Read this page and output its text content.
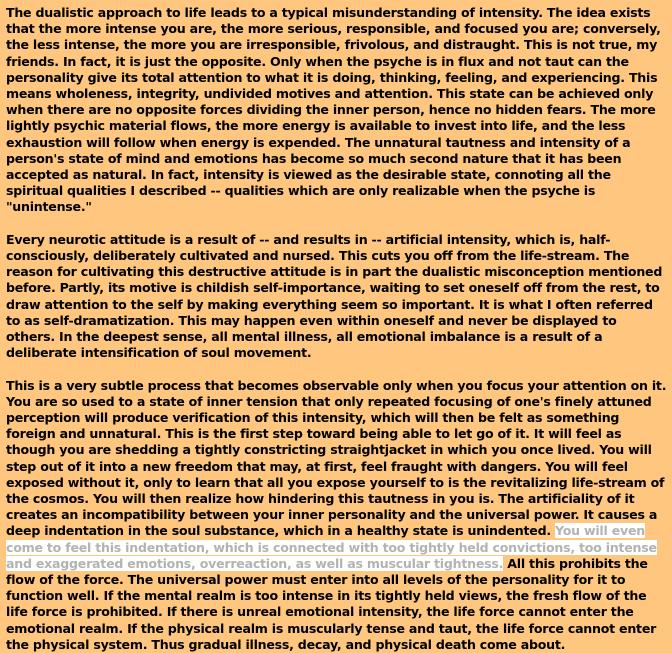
The dualistic approach to life leads to a typical misunderstanding of intensity. The idea exists that the more intense you are, the more serious, responsible, and focused you are; conversely, the less intense, the more you are irresponsible, frivolous, and distraught. This is not true, my friends. In fact, it is just the opposite. Only when the psyche is in flux and not taut can the personality give its total attention to what it is doing, thinking, feeling, and experiencing. This means wholeness, integrity, undivided motives and attention. This state can be achieved only when there are no opposite forces dividing the inner person, hence no hidden fears. The more lightly psychic material flows, the more energy is available to invest into life, and the less exhaustion will follow when energy is expended. The unnatural tautness and intensity of a person's state of mind and emotions has become so much second nature that it has been accepted as natural. In fact, intensity is viewed as the desirable state, connoting all the spiritual qualities I described -- qualities which are only realizable when the psyche is "unintense."

Every neurotic attitude is a result of -- and results in -- artificial intensity, which is, half-consciously, deliberately cultivated and nursed. This cuts you off from the life-stream. The reason for cultivating this destructive attitude is in part the dualistic misconception mentioned before. Partly, its motive is childish self-importance, waiting to set oneself off from the rest, to draw attention to the self by making everything seem so important. It is what I often referred to as self-dramatization. This may happen even within oneself and never be displayed to others. In the deepest sense, all mental illness, all emotional imbalance is a result of a deliberate intensification of soul movement.

This is a very subtle process that becomes observable only when you focus your attention on it. You are so used to a state of inner tension that only repeated focusing of one's finely attuned perception will produce verification of this intensity, which will then be felt as something foreign and unnatural. This is the first step toward being able to let go of it. It will feel as though you are shedding a tightly constricting straightjacket in which you once lived. You will step out of it into a new freedom that may, at first, feel fraught with dangers. You will feel exposed without it, only to learn that all you expose yourself to is the revitalizing life-stream of the cosmos. You will then realize how hindering this tautness in you is. The artificiality of it creates an incompatibility between your inner personality and the universal power. It causes a deep indentation in the soul substance, which in a healthy state is unindented. You will even come to feel this indentation, which is connected with too tightly held convictions, too intense and exaggerated emotions, overreaction, as well as muscular tightness. All this prohibits the flow of the force. The universal power must enter into all levels of the personality for it to function well. If the mental realm is too intense in its tightly held views, the fresh flow of the life force is prohibited. If there is unreal emotional intensity, the life force cannot enter the emotional realm. If the physical realm is muscularly tense and taut, the life force cannot enter the physical system. Thus gradual illness, decay, and physical death come about.
